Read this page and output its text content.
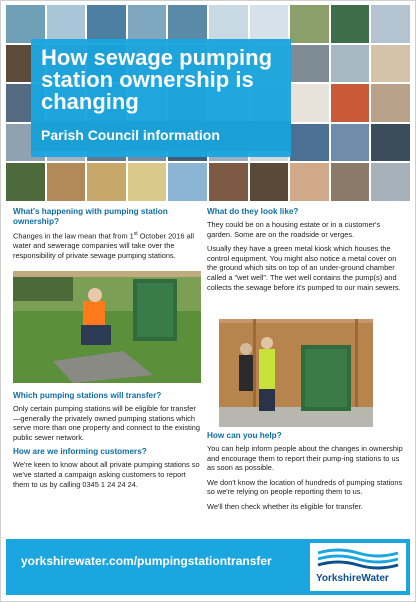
How sewage pumping station ownership is changing
Parish Council information
What's happening with pumping station ownership?

Changes in the law mean that from 1st October 2016 all water and sewerage companies will take over the responsibility of private sewage pumping stations.

Which pumping stations will transfer?

Only certain pumping stations will be eligible for transfer—generally the privately owned pumping stations which serve more than one property and connect to the existing public sewer network.

How are we informing customers?

We're keen to know about all private pumping stations so we've started a campaign asking customers to report them to us by calling 0345 1 24 24 24.

What do they look like?

They could be on a housing estate or in a customer's garden. Some are on the roadside or verges.

Usually they have a green metal kiosk which houses the control equipment. You might also notice a metal cover on the ground which sits on top of an under-ground chamber called a "wet well". The wet well contains the pump(s) and collects the sewage before it's pumped to our main sewers.

How can you help?

You can help inform people about the changes in ownership and encourage them to report their pump-ing stations to us as soon as possible.

We don't know the location of hundreds of pumping stations so we're relying on people reporting them to us.

We'll then check whether its eligible for transfer.

yorkshirewater.com/pumpingstationtransfer
YorkshireWater
